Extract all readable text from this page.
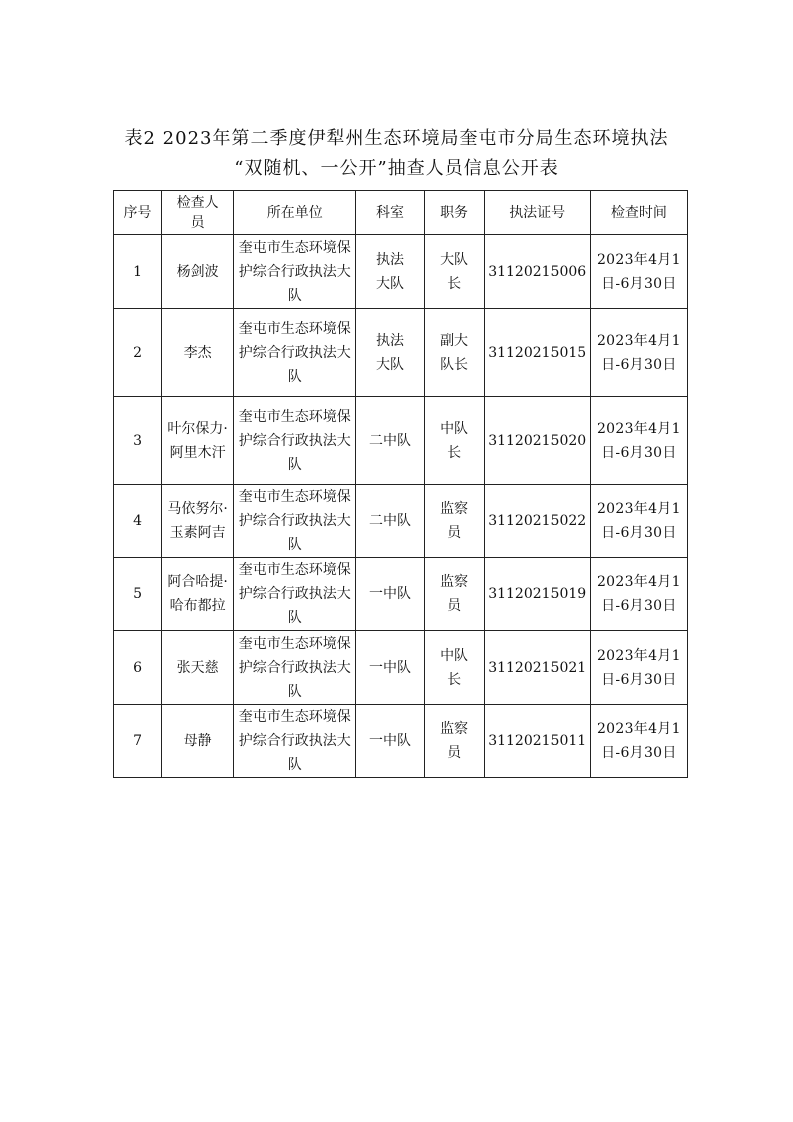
表2 2023年第二季度伊犁州生态环境局奎屯市分局生态环境执法
“双随机、一公开”抽查人员信息公开表
序号	检查人员	所在单位	科室	职务	执法证号	检查时间
1	杨剑波	奎屯市生态环境保护综合行政执法大队	执法大队	大队长	31120215006	2023年4月1日-6月30日
2	李杰	奎屯市生态环境保护综合行政执法大队	执法大队	副大队长	31120215015	2023年4月1日-6月30日
3	叶尔保力·阿里木汗	奎屯市生态环境保护综合行政执法大队	二中队	中队长	31120215020	2023年4月1日-6月30日
4	马依努尔·玉素阿吉	奎屯市生态环境保护综合行政执法大队	二中队	监察员	31120215022	2023年4月1日-6月30日
5	阿合哈提·哈布都拉	奎屯市生态环境保护综合行政执法大队	一中队	监察员	31120215019	2023年4月1日-6月30日
6	张天慈	奎屯市生态环境保护综合行政执法大队	一中队	中队长	31120215021	2023年4月1日-6月30日
7	母静	奎屯市生态环境保护综合行政执法大队	一中队	监察员	31120215011	2023年4月1日-6月30日
